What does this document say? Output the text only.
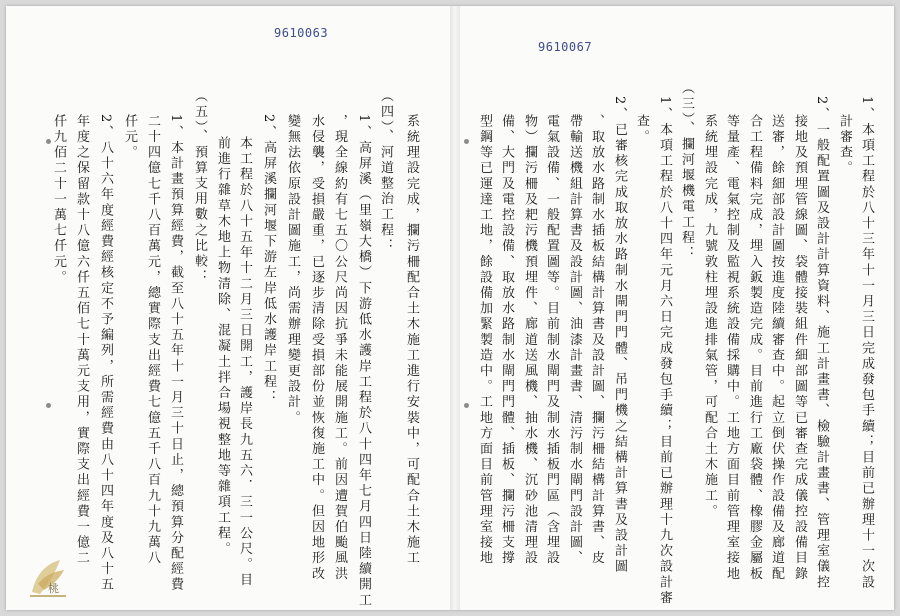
9610063
系統理設完成，攔污柵配合土木施工進行安裝中，可配合土木施工
（四）、河道整治工程：
1、高屏溪（里嶺大橋）下游低水護岸工程於八十四年七月四日陸續開工
，現全線約有七五〇公尺尚因抗爭未能展開施工。前因遭賀伯颱風洪
水侵襲，受損嚴重，已逐步清除受損部份並恢復施工中。但因地形改
變無法依原設計圖施工，尚需辦理變更設計。
2、高屏溪攔河堰下游左岸低水護岸工程：
本工程於八十五年十二月三日開工，護岸長九五六．三一公尺。目
前進行雜草木地上物清除、混凝土拌合場視整地等雜項工程。
（五）、預算支用數之比較：
1、本計畫預算經費，截至八十五年十一月三十日止，總預算分配經費
二十四億七千八百萬元，總實際支出經費七億五千八百九十九萬八
仟元。
2、八十六年度經費經核定不予編列，所需經費由八十四年度及八十五
年度之保留款十八億六仟五佰七十萬元支用，實際支出經費一億二
仟九佰二十一萬七仟元。
桃
9610067
1、本項工程於八十三年十一月三日完成發包手續；目前已辦理十一次設
計審查。
2、一般配置圖及設計計算資料、施工計畫書、檢驗計畫書、管理室儀控
接地及預埋管線圖、袋體接裝組件細部圖等已審查完成儀控設備目錄
送審，餘細部設計圖按進度陸續審查中。起立倒伏操作設備及廊道配
合工程備料完成，埋入鈑製造完成。目前進行工廠袋體、橡膠金屬板
等量產、電氣控制及監視系統設備採購中。工地方面目前管理室接地
系統埋設完成，九號敦柱埋設進排氣管，可配合土木施工。
（三）、攔河堰機電工程：
1、本項工程於八十四年元月六日完成發包手續；目前已辦理十九次設計審
查。
2、已審核完成取放水路制水閘門門體、吊門機之結構計算書及設計圖
、取放水路制水插板結構計算書及設計圖、攔污柵結構計算書、皮
帶輸送機組計算書及設計圖、油漆計畫書、清污制水閘門設計圖、
電氣設備、一般配置圖等。目前制水閘門及制水插板門區（含埋設
物）攔污柵及耙污機預埋件、廊道送風機、抽水機、沉砂池清理設
備、大門及電控設備、取放水路制水閘門門體、插板、攔污柵支撐
型鋼等已運達工地，餘設備加緊製造中。工地方面目前管理室接地
